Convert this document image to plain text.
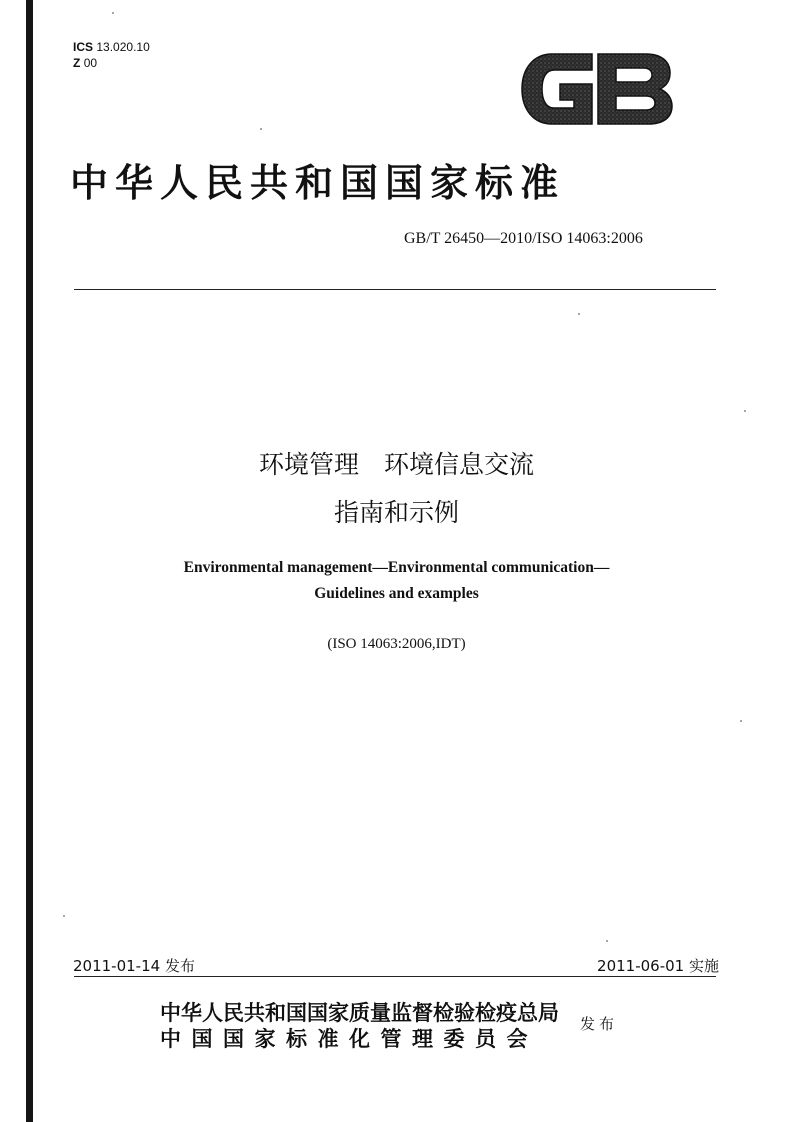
ICS 13.020.10
Z 00
中华人民共和国国家标准
GB/T 26450—2010/ISO 14063:2006
环境管理　环境信息交流
指南和示例
Environmental management—Environmental communication—
Guidelines and examples
(ISO 14063:2006,IDT)
2011-01-14 发布	2011-06-01 实施
中华人民共和国国家质量监督检验检疫总局
中国国家标准化管理委员会
发布
